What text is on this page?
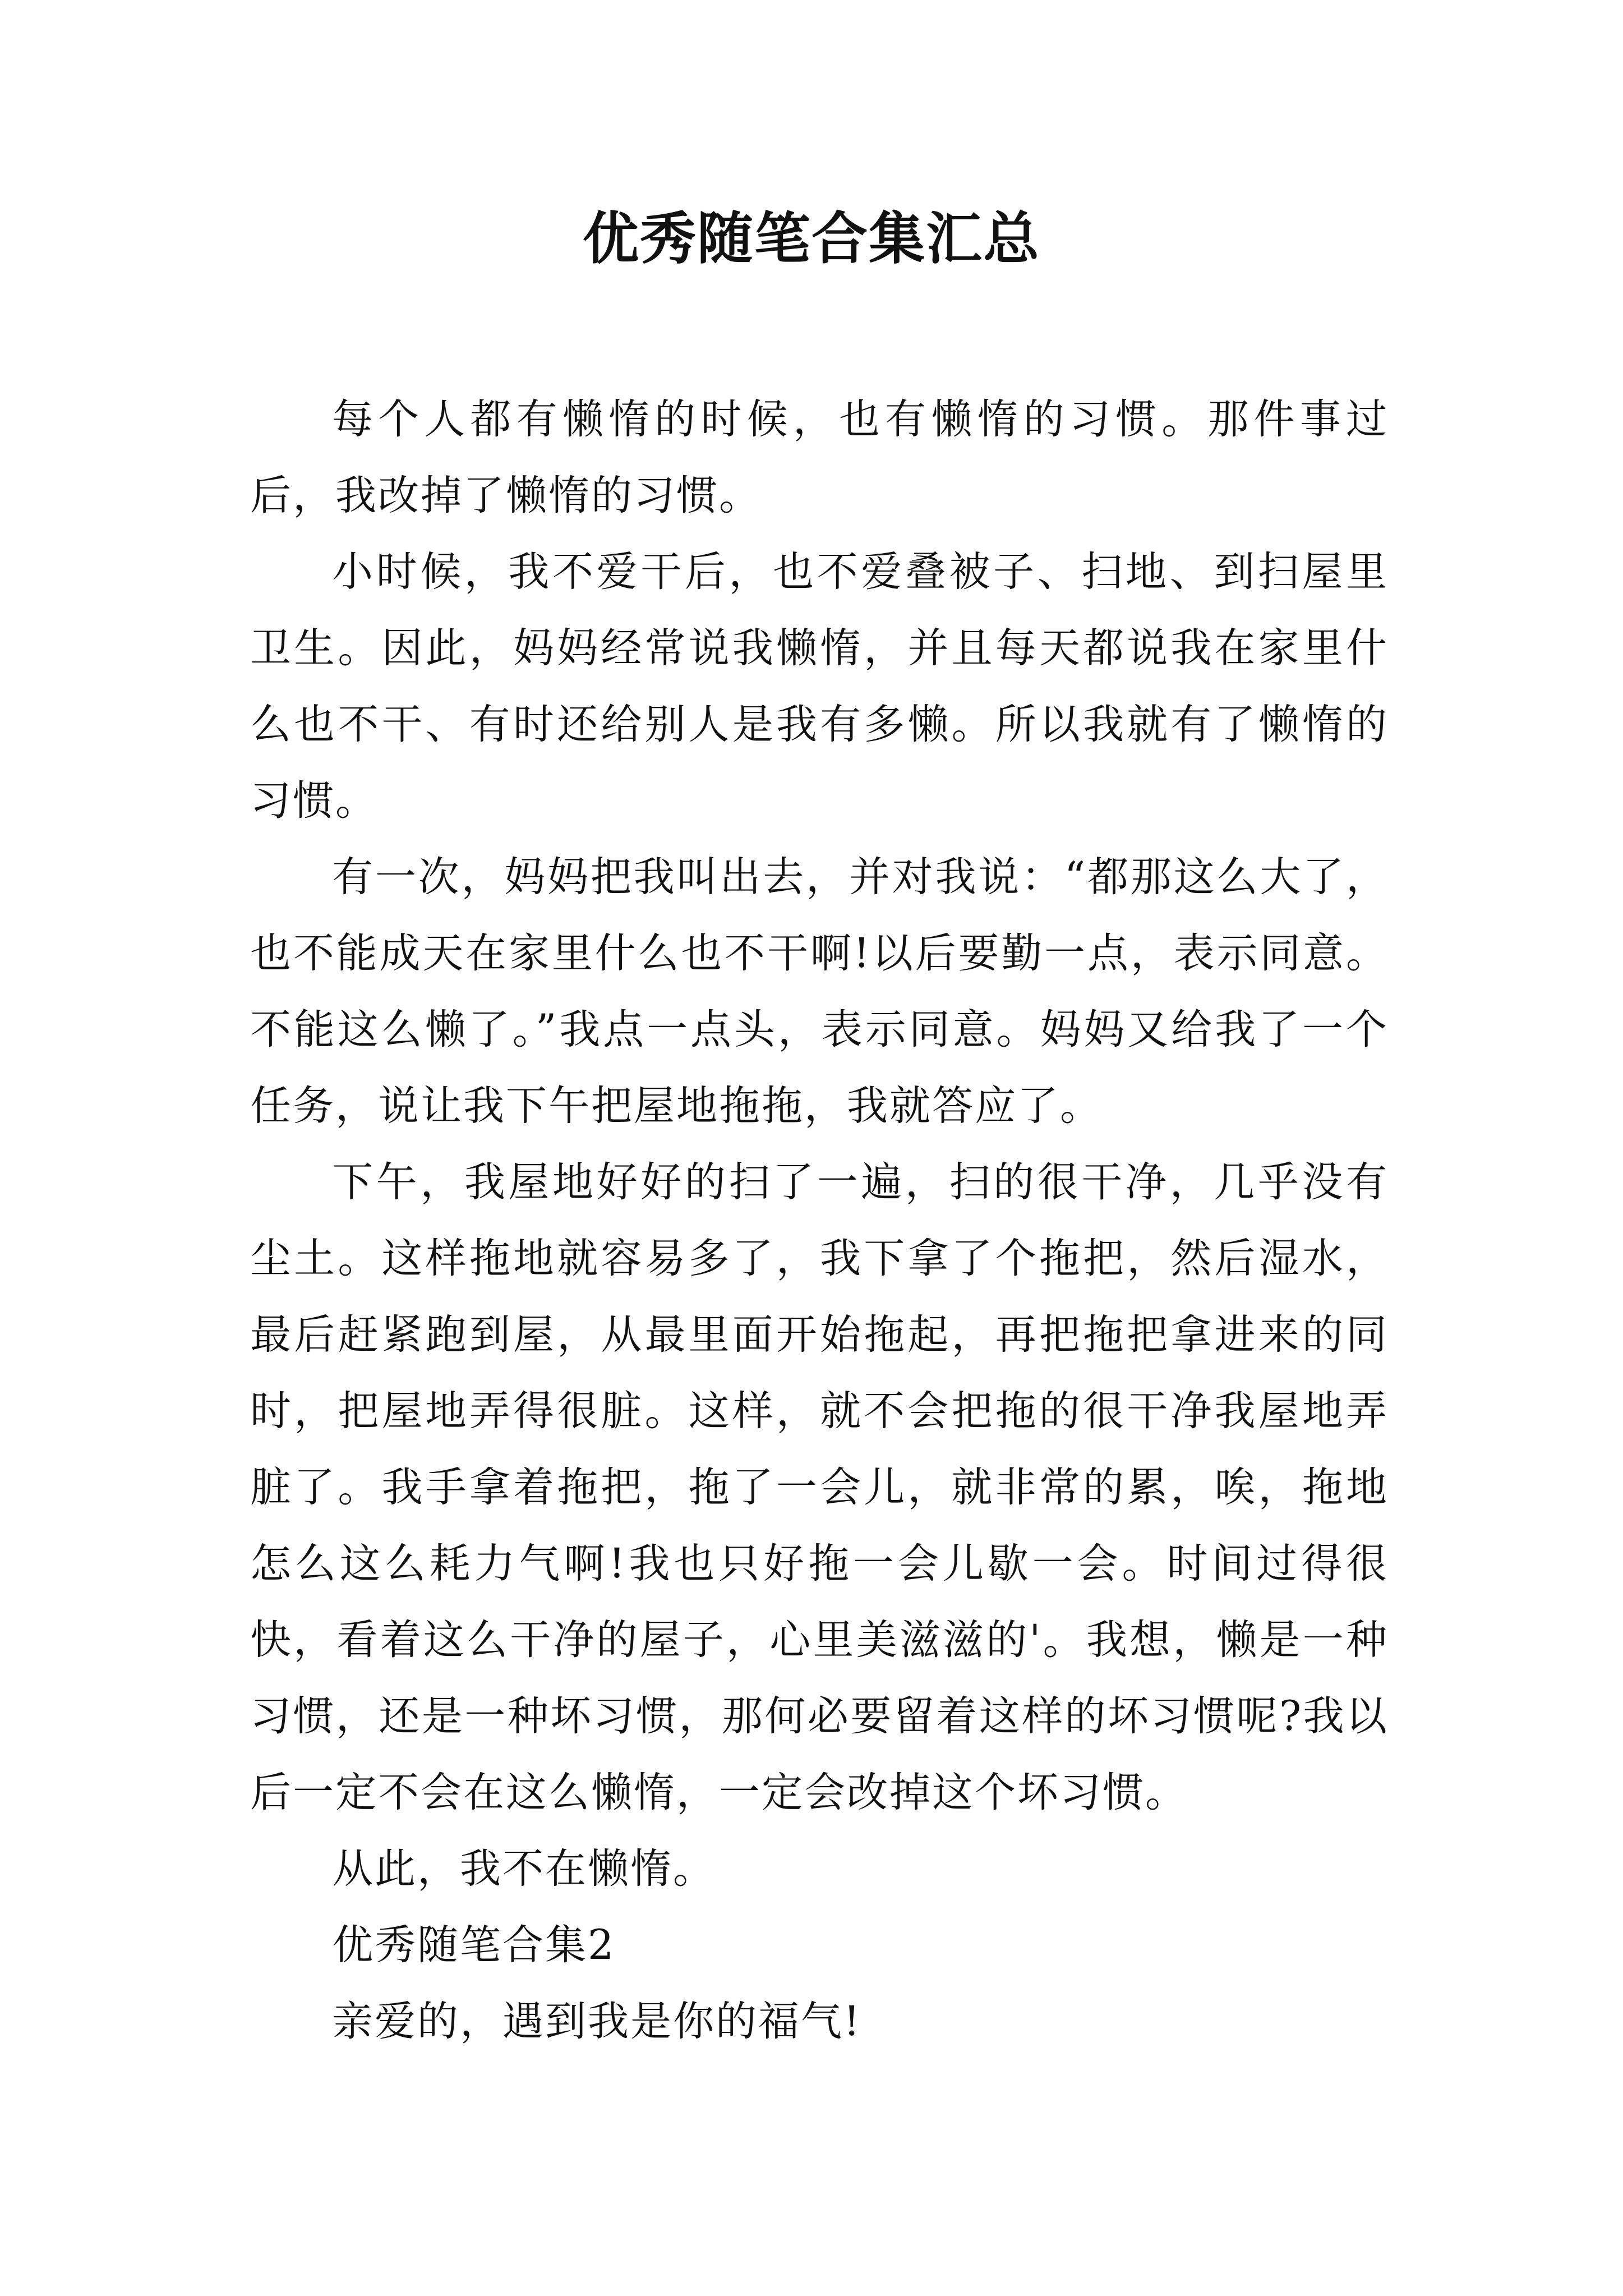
优秀随笔合集汇总

每个人都有懒惰的时候，也有懒惰的习惯。那件事过后，我改掉了懒惰的习惯。

小时候，我不爱干后，也不爱叠被子、扫地、到扫屋里卫生。因此，妈妈经常说我懒惰，并且每天都说我在家里什么也不干、有时还给别人是我有多懒。所以我就有了懒惰的习惯。

有一次，妈妈把我叫出去，并对我说：“都那这么大了，也不能成天在家里什么也不干啊!以后要勤一点，表示同意。不能这么懒了。”我点一点头，表示同意。妈妈又给我了一个任务，说让我下午把屋地拖拖，我就答应了。

下午，我屋地好好的扫了一遍，扫的很干净，几乎没有尘土。这样拖地就容易多了，我下拿了个拖把，然后湿水，最后赶紧跑到屋，从最里面开始拖起，再把拖把拿进来的同时，把屋地弄得很脏。这样，就不会把拖的很干净我屋地弄脏了。我手拿着拖把，拖了一会儿，就非常的累，唉，拖地怎么这么耗力气啊!我也只好拖一会儿歇一会。时间过得很快，看着这么干净的屋子，心里美滋滋的'。我想，懒是一种习惯，还是一种坏习惯，那何必要留着这样的坏习惯呢?我以后一定不会在这么懒惰，一定会改掉这个坏习惯。

从此，我不在懒惰。

优秀随笔合集2

亲爱的，遇到我是你的福气!
